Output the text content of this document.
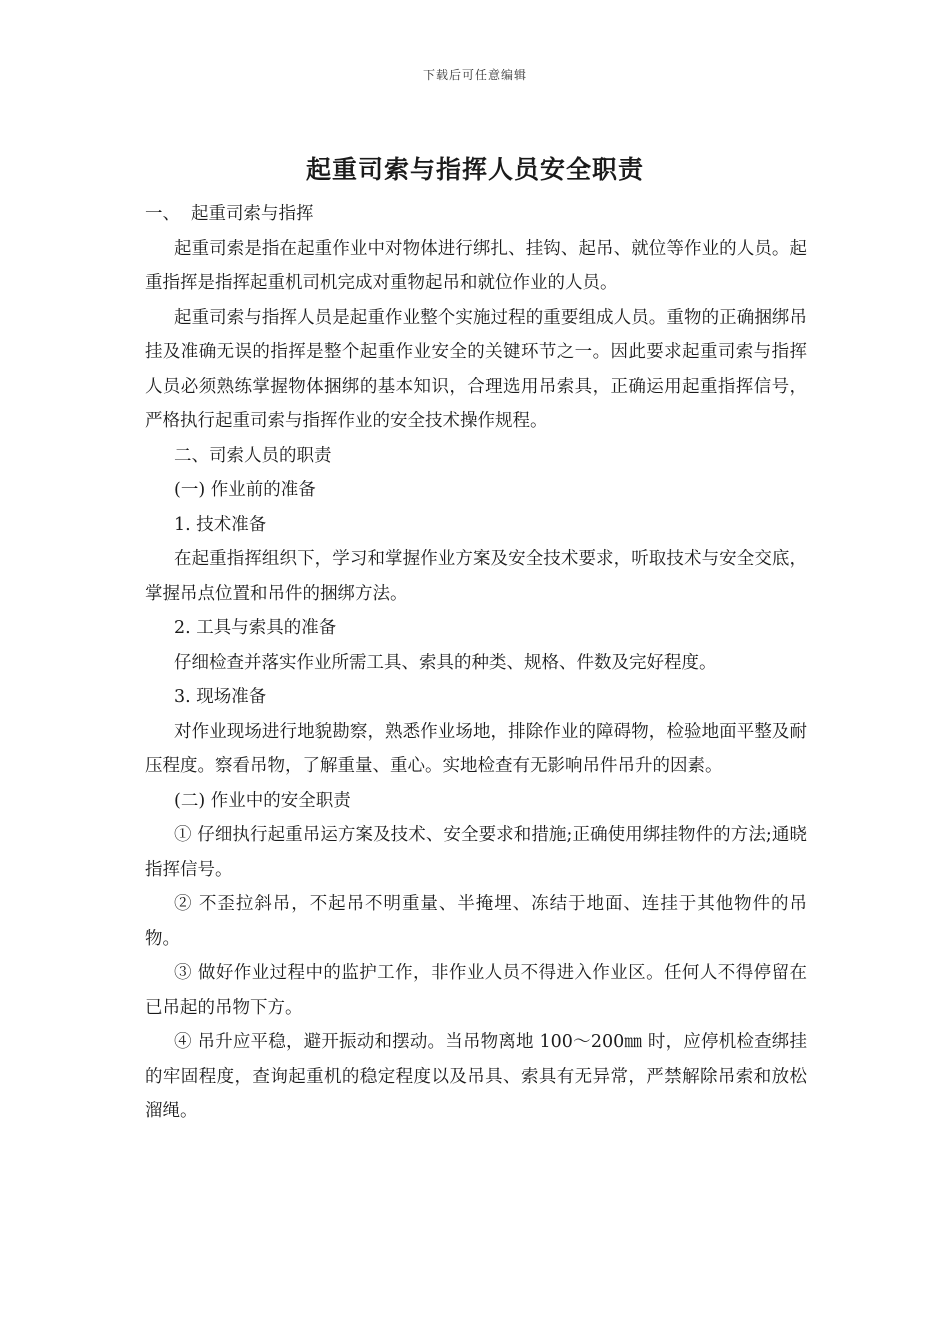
下载后可任意编辑
起重司索与指挥人员安全职责

一、 起重司索与指挥

起重司索是指在起重作业中对物体进行绑扎、挂钩、起吊、就位等作业的人员。起重指挥是指挥起重机司机完成对重物起吊和就位作业的人员。

起重司索与指挥人员是起重作业整个实施过程的重要组成人员。重物的正确捆绑吊挂及准确无误的指挥是整个起重作业安全的关键环节之一。因此要求起重司索与指挥人员必须熟练掌握物体捆绑的基本知识，合理选用吊索具，正确运用起重指挥信号，严格执行起重司索与指挥作业的安全技术操作规程。

二、司索人员的职责

(一) 作业前的准备

1. 技术准备

在起重指挥组织下，学习和掌握作业方案及安全技术要求，听取技术与安全交底，掌握吊点位置和吊件的捆绑方法。

2. 工具与索具的准备

仔细检查并落实作业所需工具、索具的种类、规格、件数及完好程度。

3. 现场准备

对作业现场进行地貌勘察，熟悉作业场地，排除作业的障碍物，检验地面平整及耐压程度。察看吊物，了解重量、重心。实地检查有无影响吊件吊升的因素。

(二) 作业中的安全职责

① 仔细执行起重吊运方案及技术、安全要求和措施;正确使用绑挂物件的方法;通晓指挥信号。

② 不歪拉斜吊，不起吊不明重量、半掩埋、冻结于地面、连挂于其他物件的吊物。

③ 做好作业过程中的监护工作，非作业人员不得进入作业区。任何人不得停留在已吊起的吊物下方。

④ 吊升应平稳，避开振动和摆动。当吊物离地 100～200㎜ 时，应停机检查绑挂的牢固程度，查询起重机的稳定程度以及吊具、索具有无异常，严禁解除吊索和放松溜绳。
